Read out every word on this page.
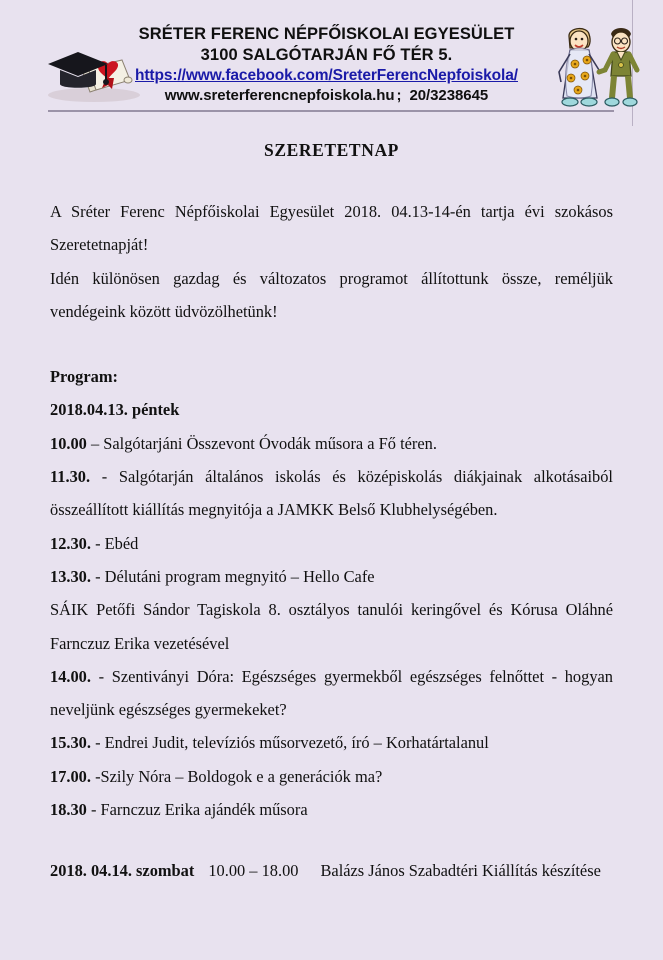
SRÉTER FERENC NÉPFŐISKOLAI EGYESÜLET
3100 SALGÓTARJÁN FŐ TÉR 5.
https://www.facebook.com/SreterFerencNepfoiskola/
www.sreterferencnepfoiskola.hu ; 20/3238645
SZERETETNAP

A Sréter Ferenc Népfőiskolai Egyesület 2018. 04.13-14-én tartja évi szokásos Szeretetnapját!

Idén különösen gazdag és változatos programot állítottunk össze, reméljük vendégeink között üdvözölhetünk!

Program:
2018.04.13. péntek
10.00 – Salgótarjáni Összevont Óvodák műsora a Fő téren.
11.30. - Salgótarján általános iskolás és középiskolás diákjainak alkotásaiból összeállított kiállítás megnyitója a JAMKK Belső Klubhelységében.
12.30. - Ebéd
13.30. - Délutáni program megnyitó – Hello Cafe
SÁIK Petőfi Sándor Tagiskola 8. osztályos tanulói keringővel és Kórusa Oláhné Farnczuz Erika vezetésével
14.00. - Szentiványi Dóra: Egészséges gyermekből egészséges felnőttet - hogyan neveljünk egészséges gyermekeket?
15.30. - Endrei Judit, televíziós műsorvezető, író – Korhatártalanul
17.00. -Szily Nóra – Boldogok e a generációk ma?
18.30 - Farnczuz Erika ajándék műsora
2018. 04.14. szombat 10.00 – 18.00 Balázs János Szabadtéri Kiállítás készítése
